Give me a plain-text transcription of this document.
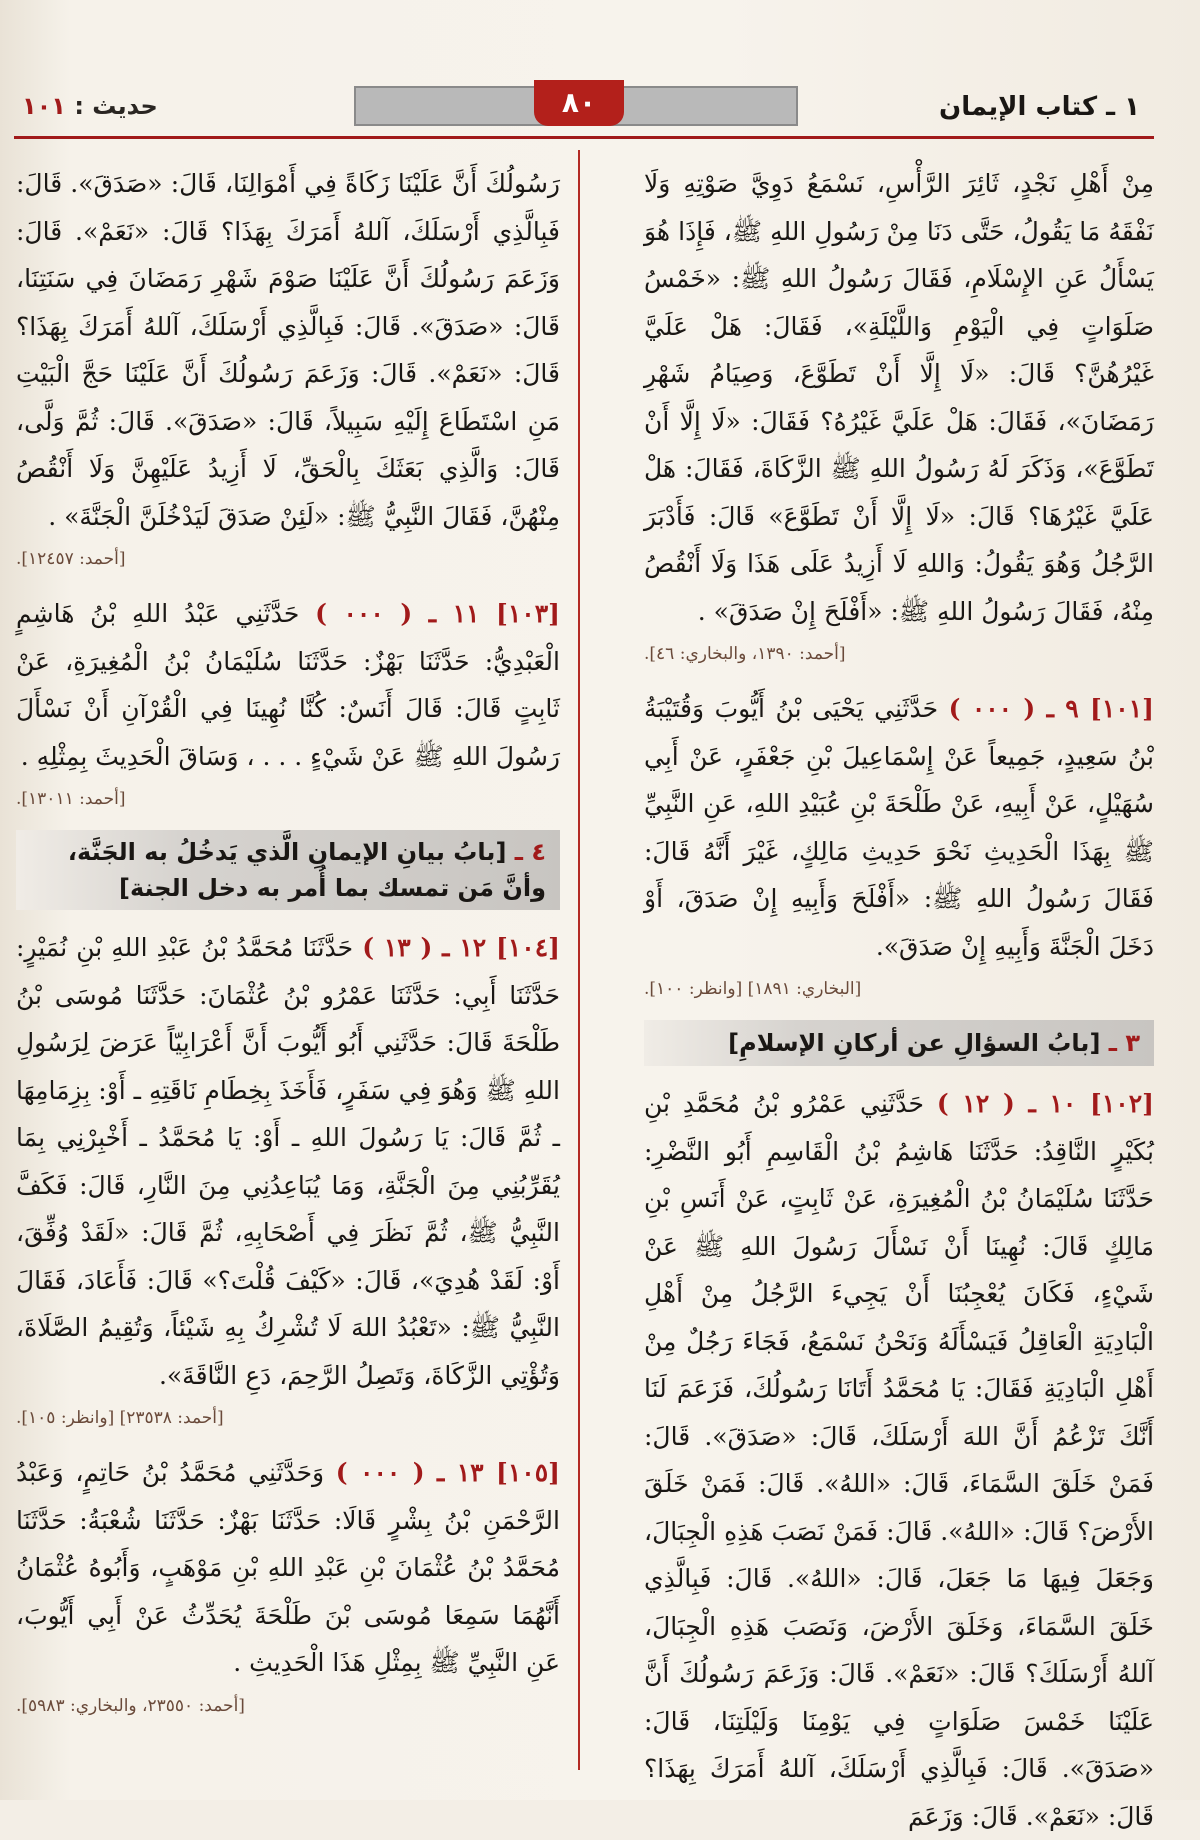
١ ـ كتاب الإيمان
٨٠
حديث : ١٠١

مِنْ أَهْلِ نَجْدٍ، ثَائِرَ الرَّأْسِ، نَسْمَعُ دَوِيَّ صَوْتِهِ وَلَا نَفْقَهُ مَا يَقُولُ، حَتَّى دَنَا مِنْ رَسُولِ اللهِ ﷺ، فَإِذَا هُوَ يَسْأَلُ عَنِ الإِسْلَامِ، فَقَالَ رَسُولُ اللهِ ﷺ: «خَمْسُ صَلَوَاتٍ فِي الْيَوْمِ وَاللَّيْلَةِ»، فَقَالَ: هَلْ عَلَيَّ غَيْرُهُنَّ؟ قَالَ: «لَا إِلَّا أَنْ تَطَوَّعَ، وَصِيَامُ شَهْرِ رَمَضَانَ»، فَقَالَ: هَلْ عَلَيَّ غَيْرُهُ؟ فَقَالَ: «لَا إِلَّا أَنْ تَطَوَّعَ»، وَذَكَرَ لَهُ رَسُولُ اللهِ ﷺ الزَّكَاةَ، فَقَالَ: هَلْ عَلَيَّ غَيْرُهَا؟ قَالَ: «لَا إِلَّا أَنْ تَطَوَّعَ» قَالَ: فَأَدْبَرَ الرَّجُلُ وَهُوَ يَقُولُ: وَاللهِ لَا أَزِيدُ عَلَى هَذَا وَلَا أَنْقُصُ مِنْهُ، فَقَالَ رَسُولُ اللهِ ﷺ: «أَفْلَحَ إِنْ صَدَقَ» .

[أحمد: ١٣٩٠، والبخاري: ٤٦].

[١٠١] ٩ ـ ( ٠٠٠ ) حَدَّثَنِي يَحْيَى بْنُ أَيُّوبَ وَقُتَيْبَةُ بْنُ سَعِيدٍ، جَمِيعاً عَنْ إِسْمَاعِيلَ بْنِ جَعْفَرٍ، عَنْ أَبِي سُهَيْلٍ، عَنْ أَبِيهِ، عَنْ طَلْحَةَ بْنِ عُبَيْدِ اللهِ، عَنِ النَّبِيِّ ﷺ بِهَذَا الْحَدِيثِ نَحْوَ حَدِيثِ مَالِكٍ، غَيْرَ أَنَّهُ قَالَ: فَقَالَ رَسُولُ اللهِ ﷺ: «أَفْلَحَ وَأَبِيهِ إِنْ صَدَقَ، أَوْ دَخَلَ الْجَنَّةَ وَأَبِيهِ إِنْ صَدَقَ».

[البخاري: ١٨٩١] [وانظر: ١٠٠].
٣ ـ [بابُ السؤالِ عن أركانِ الإسلامِ]

[١٠٢] ١٠ ـ ( ١٢ ) حَدَّثَنِي عَمْرُو بْنُ مُحَمَّدِ بْنِ بُكَيْرٍ النَّاقِدُ: حَدَّثَنَا هَاشِمُ بْنُ الْقَاسِمِ أَبُو النَّضْرِ: حَدَّثَنَا سُلَيْمَانُ بْنُ الْمُغِيرَةِ، عَنْ ثَابِتٍ، عَنْ أَنَسِ بْنِ مَالِكٍ قَالَ: نُهِينَا أَنْ نَسْأَلَ رَسُولَ اللهِ ﷺ عَنْ شَيْءٍ، فَكَانَ يُعْجِبُنَا أَنْ يَجِيءَ الرَّجُلُ مِنْ أَهْلِ الْبَادِيَةِ الْعَاقِلُ فَيَسْأَلَهُ وَنَحْنُ نَسْمَعُ، فَجَاءَ رَجُلٌ مِنْ أَهْلِ الْبَادِيَةِ فَقَالَ: يَا مُحَمَّدُ أَتَانَا رَسُولُكَ، فَزَعَمَ لَنَا أَنَّكَ تَزْعُمُ أَنَّ اللهَ أَرْسَلَكَ، قَالَ: «صَدَقَ». قَالَ: فَمَنْ خَلَقَ السَّمَاءَ، قَالَ: «اللهُ». قَالَ: فَمَنْ خَلَقَ الأَرْضَ؟ قَالَ: «اللهُ». قَالَ: فَمَنْ نَصَبَ هَذِهِ الْجِبَالَ، وَجَعَلَ فِيهَا مَا جَعَلَ، قَالَ: «اللهُ». قَالَ: فَبِالَّذِي خَلَقَ السَّمَاءَ، وَخَلَقَ الأَرْضَ، وَنَصَبَ هَذِهِ الْجِبَالَ، آللهُ أَرْسَلَكَ؟ قَالَ: «نَعَمْ». قَالَ: وَزَعَمَ رَسُولُكَ أَنَّ عَلَيْنَا خَمْسَ صَلَوَاتٍ فِي يَوْمِنَا وَلَيْلَتِنَا، قَالَ: «صَدَقَ». قَالَ: فَبِالَّذِي أَرْسَلَكَ، آللهُ أَمَرَكَ بِهَذَا؟ قَالَ: «نَعَمْ». قَالَ: وَزَعَمَ

رَسُولُكَ أَنَّ عَلَيْنَا زَكَاةً فِي أَمْوَالِنَا، قَالَ: «صَدَقَ». قَالَ: فَبِالَّذِي أَرْسَلَكَ، آللهُ أَمَرَكَ بِهَذَا؟ قَالَ: «نَعَمْ». قَالَ: وَزَعَمَ رَسُولُكَ أَنَّ عَلَيْنَا صَوْمَ شَهْرِ رَمَضَانَ فِي سَنَتِنَا، قَالَ: «صَدَقَ». قَالَ: فَبِالَّذِي أَرْسَلَكَ، آللهُ أَمَرَكَ بِهَذَا؟ قَالَ: «نَعَمْ». قَالَ: وَزَعَمَ رَسُولُكَ أَنَّ عَلَيْنَا حَجَّ الْبَيْتِ مَنِ اسْتَطَاعَ إِلَيْهِ سَبِيلاً، قَالَ: «صَدَقَ». قَالَ: ثُمَّ وَلَّى، قَالَ: وَالَّذِي بَعَثَكَ بِالْحَقِّ، لَا أَزِيدُ عَلَيْهِنَّ وَلَا أَنْقُصُ مِنْهُنَّ، فَقَالَ النَّبِيُّ ﷺ: «لَئِنْ صَدَقَ لَيَدْخُلَنَّ الْجَنَّةَ» .

[أحمد: ١٢٤٥٧].

[١٠٣] ١١ ـ ( ٠٠٠ ) حَدَّثَنِي عَبْدُ اللهِ بْنُ هَاشِمٍ الْعَبْدِيُّ: حَدَّثَنَا بَهْزٌ: حَدَّثَنَا سُلَيْمَانُ بْنُ الْمُغِيرَةِ، عَنْ ثَابِتٍ قَالَ: قَالَ أَنَسٌ: كُنَّا نُهِينَا فِي الْقُرْآنِ أَنْ نَسْأَلَ رَسُولَ اللهِ ﷺ عَنْ شَيْءٍ . . . ، وَسَاقَ الْحَدِيثَ بِمِثْلِهِ .

[أحمد: ١٣٠١١].
٤ ـ [بابُ بيانِ الإيمانِ الَّذي يَدخُلُ به الجَنَّة،
وأنَّ مَن تمسك بما أُمر به دخل الجنة]

[١٠٤] ١٢ ـ ( ١٣ ) حَدَّثَنَا مُحَمَّدُ بْنُ عَبْدِ اللهِ بْنِ نُمَيْرٍ: حَدَّثَنَا أَبِي: حَدَّثَنَا عَمْرُو بْنُ عُثْمَانَ: حَدَّثَنَا مُوسَى بْنُ طَلْحَةَ قَالَ: حَدَّثَنِي أَبُو أَيُّوبَ أَنَّ أَعْرَابِيّاً عَرَضَ لِرَسُولِ اللهِ ﷺ وَهُوَ فِي سَفَرٍ، فَأَخَذَ بِخِطَامِ نَاقَتِهِ ـ أَوْ: بِزِمَامِهَا ـ ثُمَّ قَالَ: يَا رَسُولَ اللهِ ـ أَوْ: يَا مُحَمَّدُ ـ أَخْبِرْنِي بِمَا يُقَرِّبُنِي مِنَ الْجَنَّةِ، وَمَا يُبَاعِدُنِي مِنَ النَّارِ، قَالَ: فَكَفَّ النَّبِيُّ ﷺ، ثُمَّ نَظَرَ فِي أَصْحَابِهِ، ثُمَّ قَالَ: «لَقَدْ وُفِّقَ، أَوْ: لَقَدْ هُدِيَ»، قَالَ: «كَيْفَ قُلْتَ؟» قَالَ: فَأَعَادَ، فَقَالَ النَّبِيُّ ﷺ: «تَعْبُدُ اللهَ لَا تُشْرِكُ بِهِ شَيْئاً، وَتُقِيمُ الصَّلَاةَ، وَتُؤْتِي الزَّكَاةَ، وَتَصِلُ الرَّحِمَ، دَعِ النَّاقَةَ».

[أحمد: ٢٣٥٣٨] [وانظر: ١٠٥].

[١٠٥] ١٣ ـ ( ٠٠٠ ) وَحَدَّثَنِي مُحَمَّدُ بْنُ حَاتِمٍ، وَعَبْدُ الرَّحْمَنِ بْنُ بِشْرٍ قَالَا: حَدَّثَنَا بَهْزٌ: حَدَّثَنَا شُعْبَةُ: حَدَّثَنَا مُحَمَّدُ بْنُ عُثْمَانَ بْنِ عَبْدِ اللهِ بْنِ مَوْهَبٍ، وَأَبُوهُ عُثْمَانُ أَنَّهُمَا سَمِعَا مُوسَى بْنَ طَلْحَةَ يُحَدِّثُ عَنْ أَبِي أَيُّوبَ، عَنِ النَّبِيِّ ﷺ بِمِثْلِ هَذَا الْحَدِيثِ .

[أحمد: ٢٣٥٥٠، والبخاري: ٥٩٨٣].
